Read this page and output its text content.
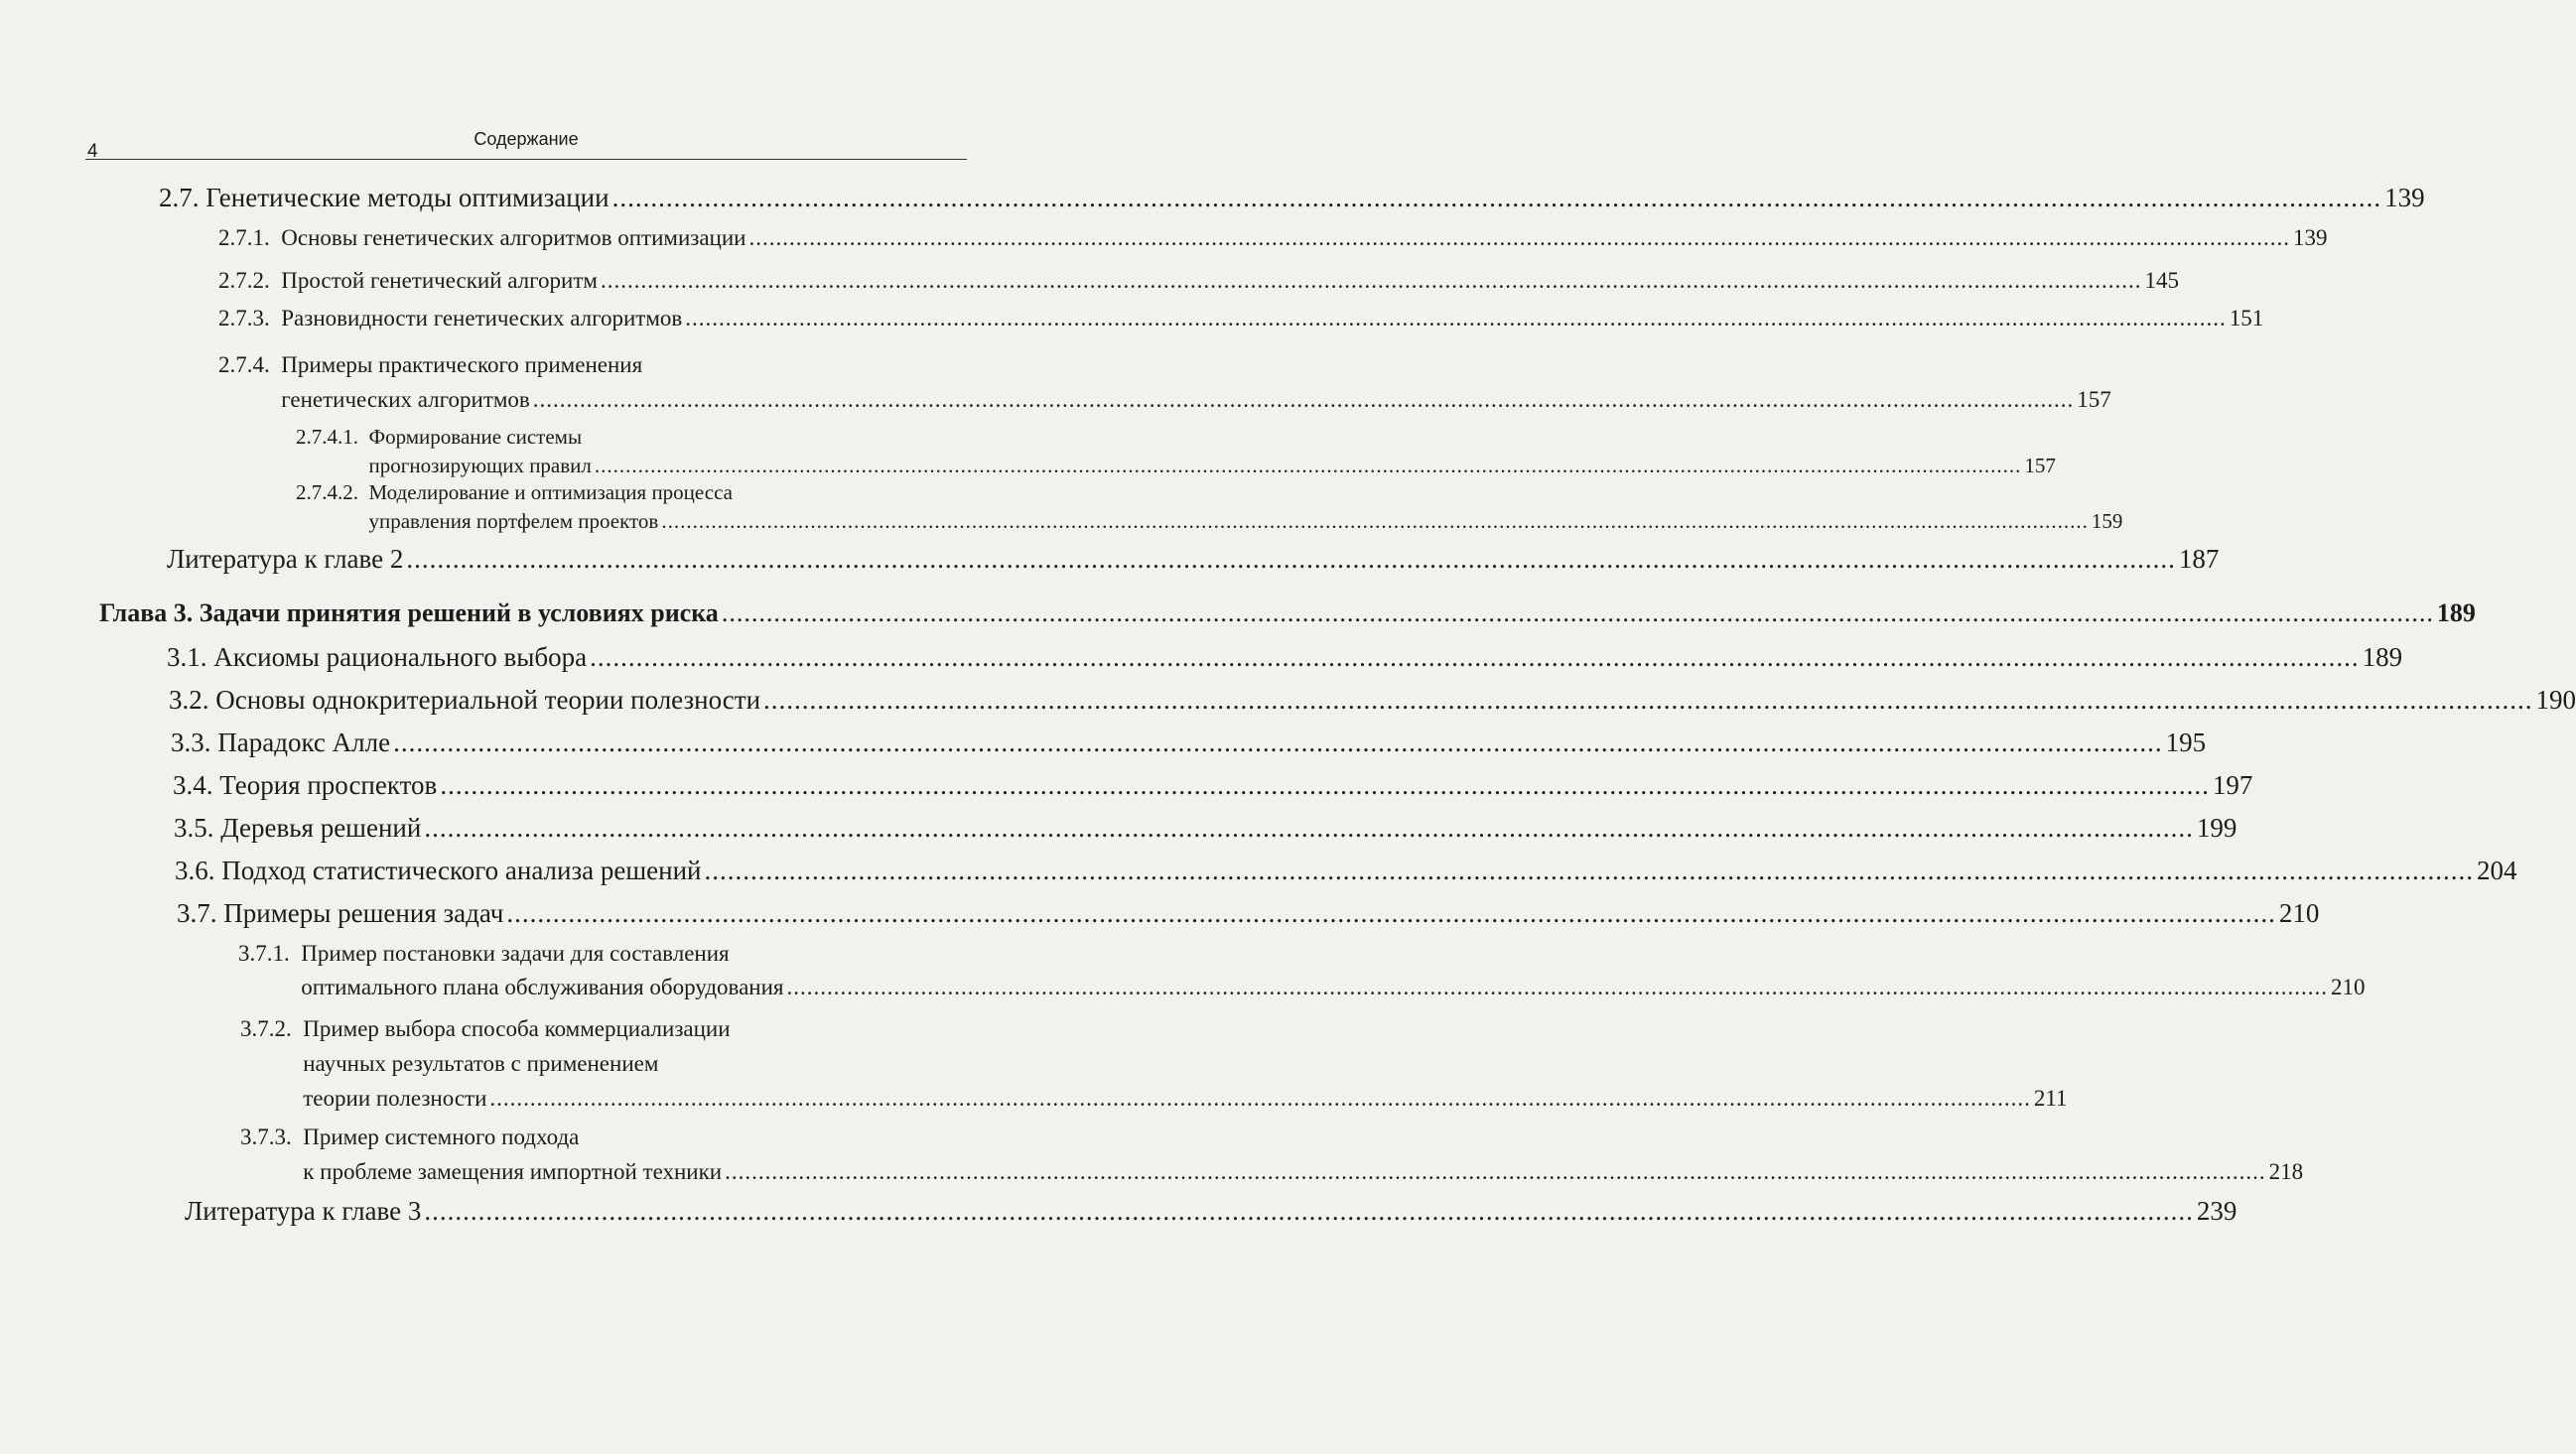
4
Содержание
2.7.
Генетические методы оптимизации .....	139
2.7.1.
Основы генетических алгоритмов оптимизации .....	139
2.7.2.
Простой генетический алгоритм .....	145
2.7.3.
Разновидности генетических алгоритмов .....	151
2.7.4.
Примеры практического применения
генетических алгоритмов .....	157
2.7.4.1.
Формирование системы
прогнозирующих правил .....	157
2.7.4.2.
Моделирование и оптимизация процесса
управления портфелем проектов .....	159
Литература к главе 2 .....	187
Глава 3. Задачи принятия решений в условиях риска .....	189
3.1.
Аксиомы рационального выбора .....	189
3.2.
Основы однокритериальной теории полезности .....	190
3.3.
Парадокс Алле .....	195
3.4.
Теория проспектов .....	197
3.5.
Деревья решений .....	199
3.6.
Подход статистического анализа решений .....	204
3.7.
Примеры решения задач .....	210
3.7.1.
Пример постановки задачи для составления
оптимального плана обслуживания оборудования .....	210
3.7.2.
Пример выбора способа коммерциализации
научных результатов с применением
теории полезности .....	211
3.7.3.
Пример системного подхода
к проблеме замещения импортной техники .....	218
Литература к главе 3 .....	239
